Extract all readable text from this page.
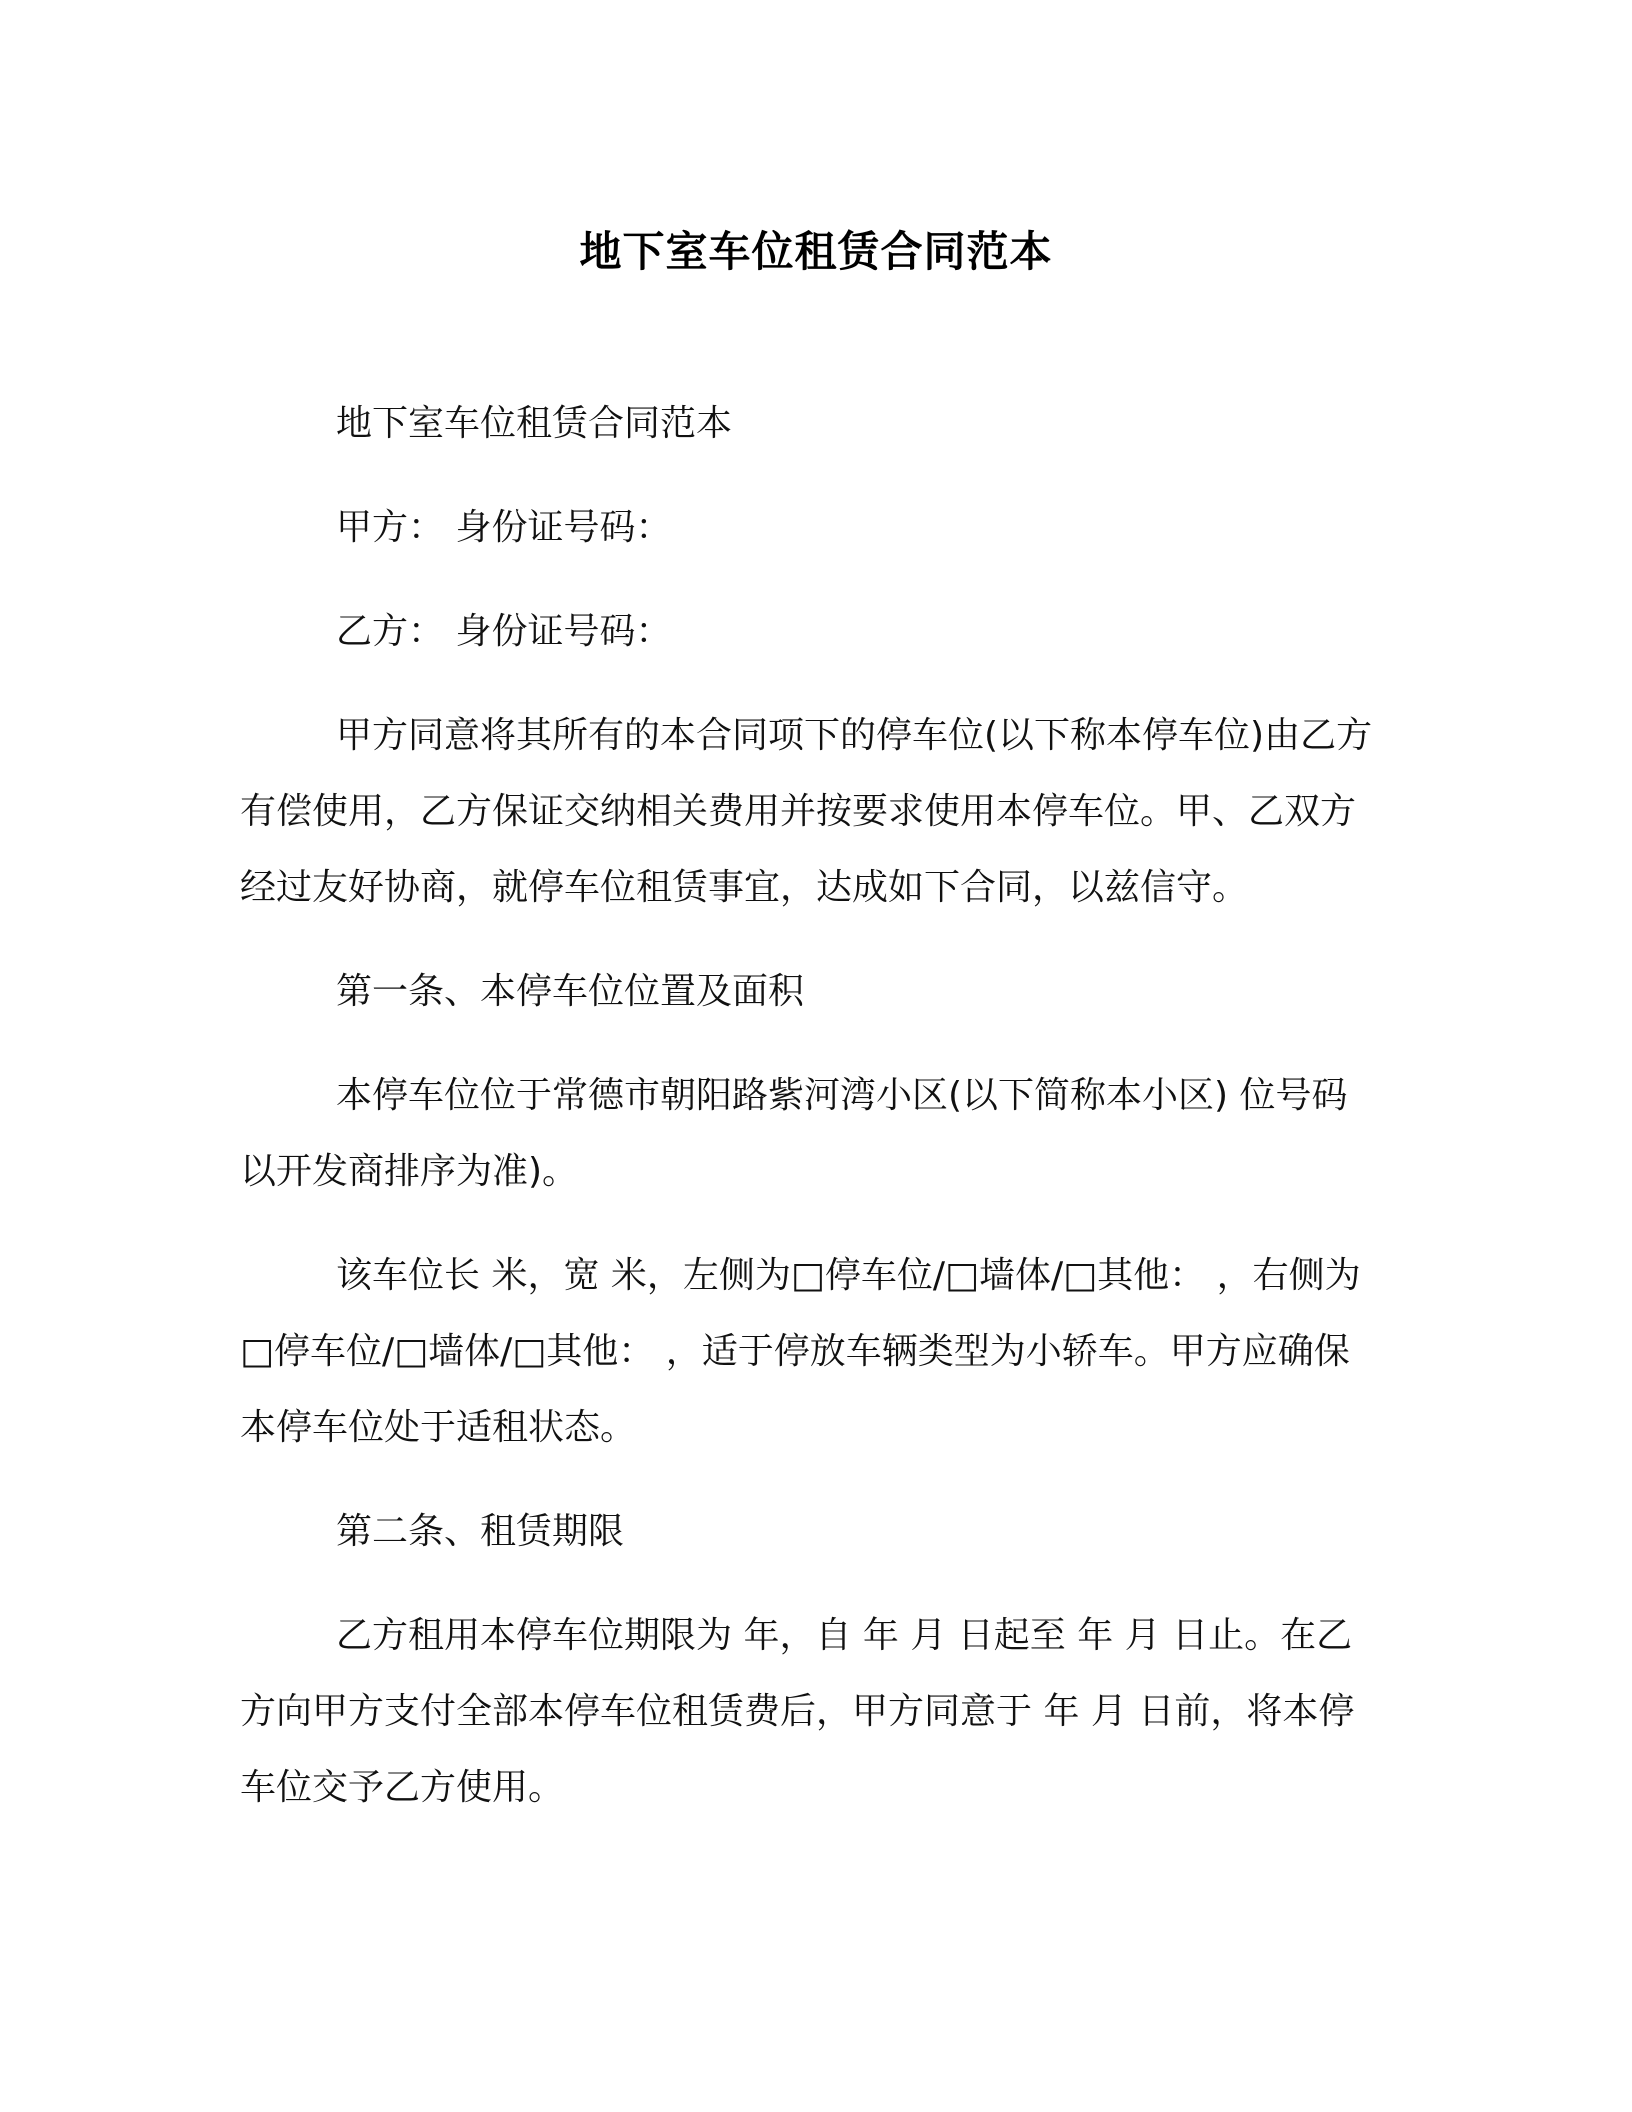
地下室车位租赁合同范本

地下室车位租赁合同范本

甲方： 身份证号码：

乙方： 身份证号码：

甲方同意将其所有的本合同项下的停车位(以下称本停车位)由乙方有偿使用，乙方保证交纳相关费用并按要求使用本停车位。甲、乙双方经过友好协商，就停车位租赁事宜，达成如下合同，以兹信守。

第一条、本停车位位置及面积

本停车位位于常德市朝阳路紫河湾小区(以下简称本小区) 位号码以开发商排序为准)。

该车位长 米，宽 米，左侧为□停车位/□墙体/□其他： ，右侧为□停车位/□墙体/□其他： ，适于停放车辆类型为小轿车。甲方应确保本停车位处于适租状态。

第二条、租赁期限

乙方租用本停车位期限为 年，自 年 月 日起至 年 月 日止。在乙方向甲方支付全部本停车位租赁费后，甲方同意于 年 月 日前，将本停车位交予乙方使用。
